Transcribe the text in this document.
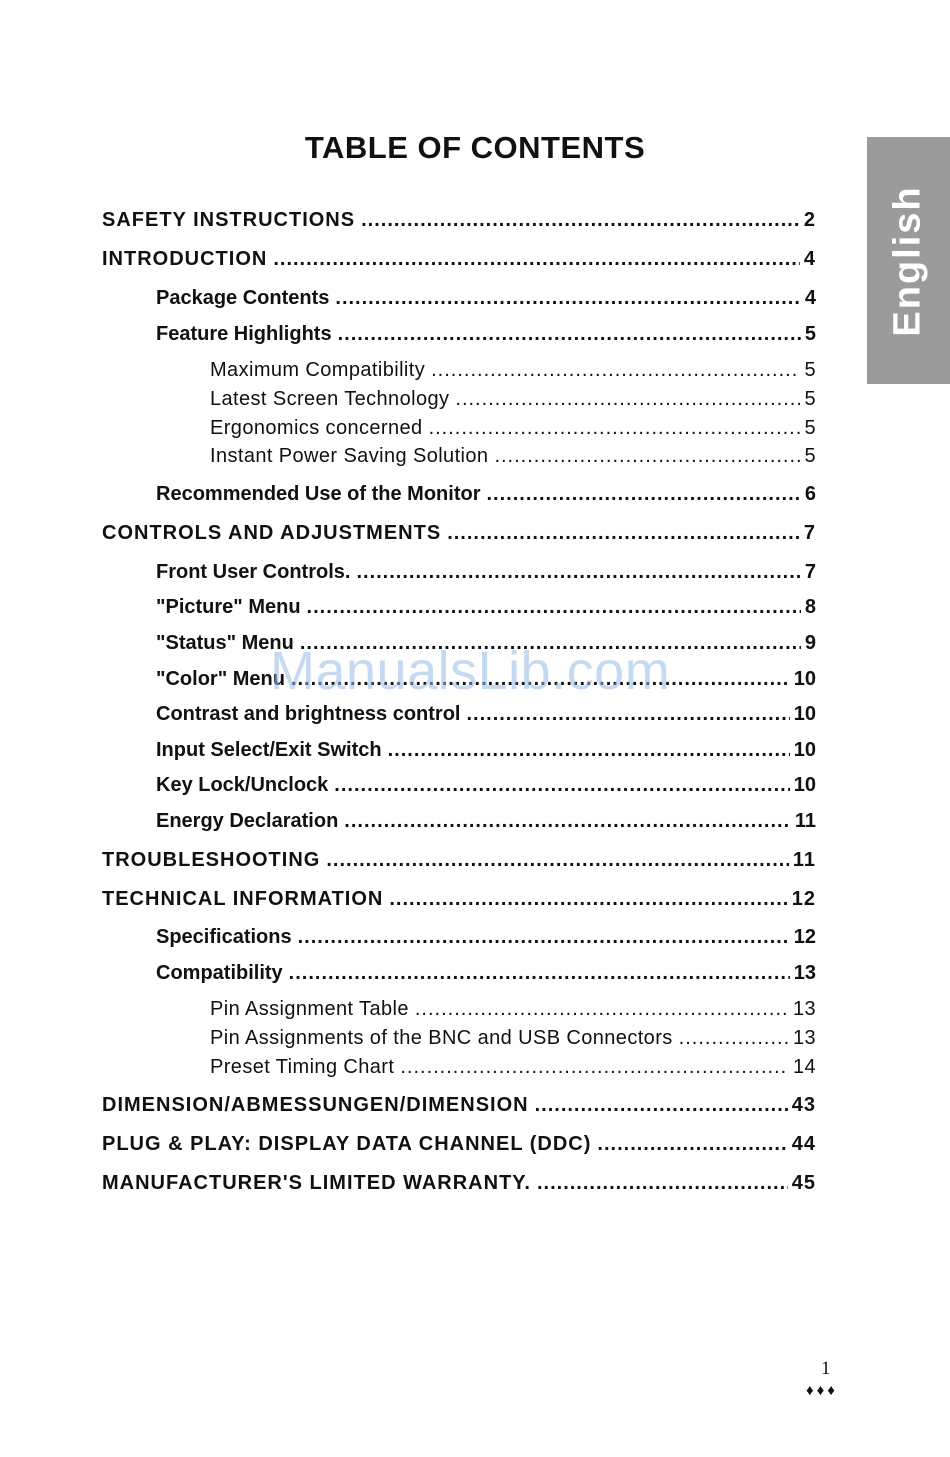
TABLE OF CONTENTS
English
SAFETY INSTRUCTIONS .....	2
INTRODUCTION .....	4
Package Contents .....	4
Feature Highlights .....	5
Maximum Compatibility .....	5
Latest Screen Technology .....	5
Ergonomics concerned .....	5
Instant Power Saving Solution .....	5
Recommended Use of the Monitor .....	6
CONTROLS AND ADJUSTMENTS .....	7
Front User Controls. .....	7
"Picture" Menu .....	8
"Status" Menu .....	9
"Color" Menu .....	10
Contrast and brightness control .....	10
Input Select/Exit Switch .....	10
Key Lock/Unclock .....	10
Energy Declaration .....	11
TROUBLESHOOTING .....	11
TECHNICAL INFORMATION .....	12
Specifications .....	12
Compatibility .....	13
Pin Assignment Table .....	13
Pin Assignments of the BNC and USB Connectors .....	13
Preset Timing Chart .....	14
DIMENSION/ABMESSUNGEN/DIMENSION .....	43
PLUG & PLAY: DISPLAY DATA CHANNEL (DDC) .....	44
MANUFACTURER'S LIMITED WARRANTY. .....	45
ManualsLib.com
1
♦♦♦
